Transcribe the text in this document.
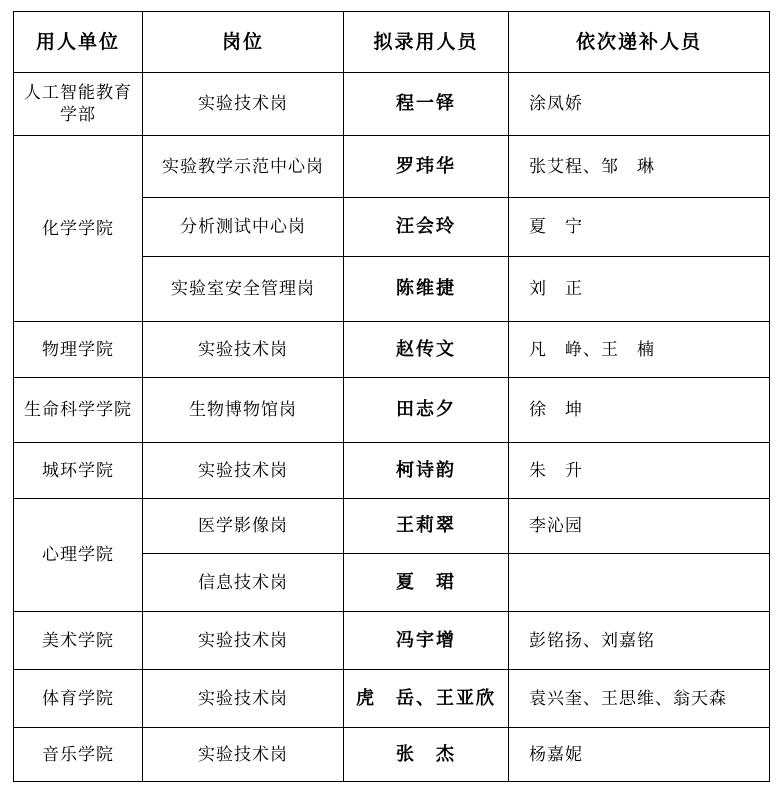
用人单位	岗位	拟录用人员	依次递补人员
人工智能教育学部	实验技术岗	程一铎	涂凤娇
化学学院	实验教学示范中心岗	罗玮华	张艾程、邹　琳
	分析测试中心岗	汪会玲	夏　宁
	实验室安全管理岗	陈维捷	刘　正
物理学院	实验技术岗	赵传文	凡　峥、王　楠
生命科学学院	生物博物馆岗	田志夕	徐　坤
城环学院	实验技术岗	柯诗韵	朱　升
心理学院	医学影像岗	王莉翠	李沁园
	信息技术岗	夏　珺	
美术学院	实验技术岗	冯宇增	彭铭扬、刘嘉铭
体育学院	实验技术岗	虎　岳、王亚欣	袁兴奎、王思维、翁天森
音乐学院	实验技术岗	张　杰	杨嘉妮
